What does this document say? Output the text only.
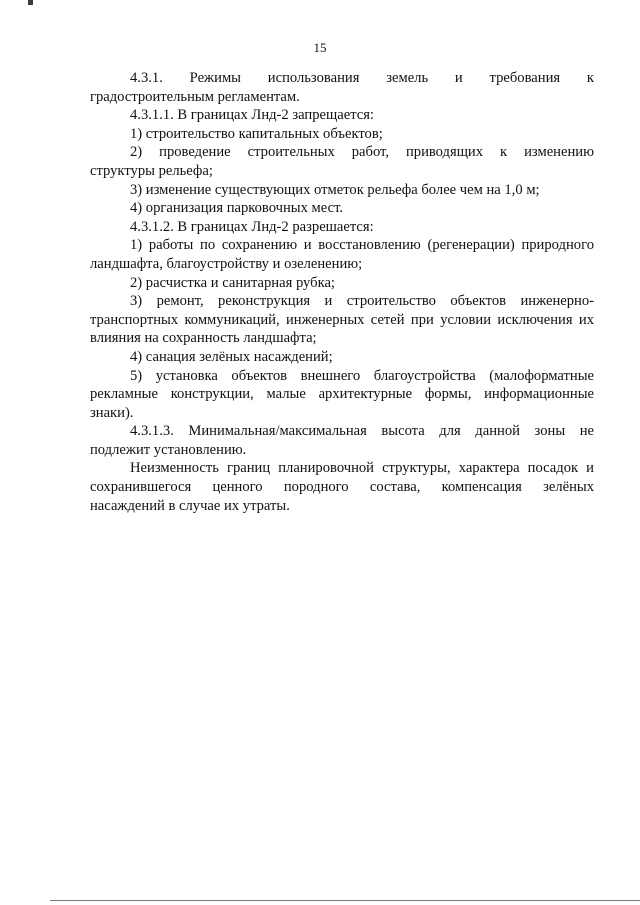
15

4.3.1. Режимы использования земель и требования к

градостроительным регламентам.

4.3.1.1. В границах Лнд-2 запрещается:

1) строительство капитальных объектов;

2) проведение строительных работ, приводящих к изменению

структуры рельефа;

3) изменение существующих отметок рельефа более чем на 1,0 м;

4) организация парковочных мест.

4.3.1.2. В границах Лнд-2 разрешается:

1) работы по сохранению и восстановлению (регенерации) природного

ландшафта, благоустройству и озеленению;

2) расчистка и санитарная рубка;

3) ремонт, реконструкция и строительство объектов инженерно-

транспортных коммуникаций, инженерных сетей при условии исключения их

влияния на сохранность ландшафта;

4) санация зелёных насаждений;

5) установка объектов внешнего благоустройства (малоформатные

рекламные конструкции, малые архитектурные формы, информационные

знаки).

4.3.1.3. Минимальная/максимальная высота для данной зоны не

подлежит установлению.

Неизменность границ планировочной структуры, характера посадок и

сохранившегося ценного породного состава, компенсация зелёных

насаждений в случае их утраты.
